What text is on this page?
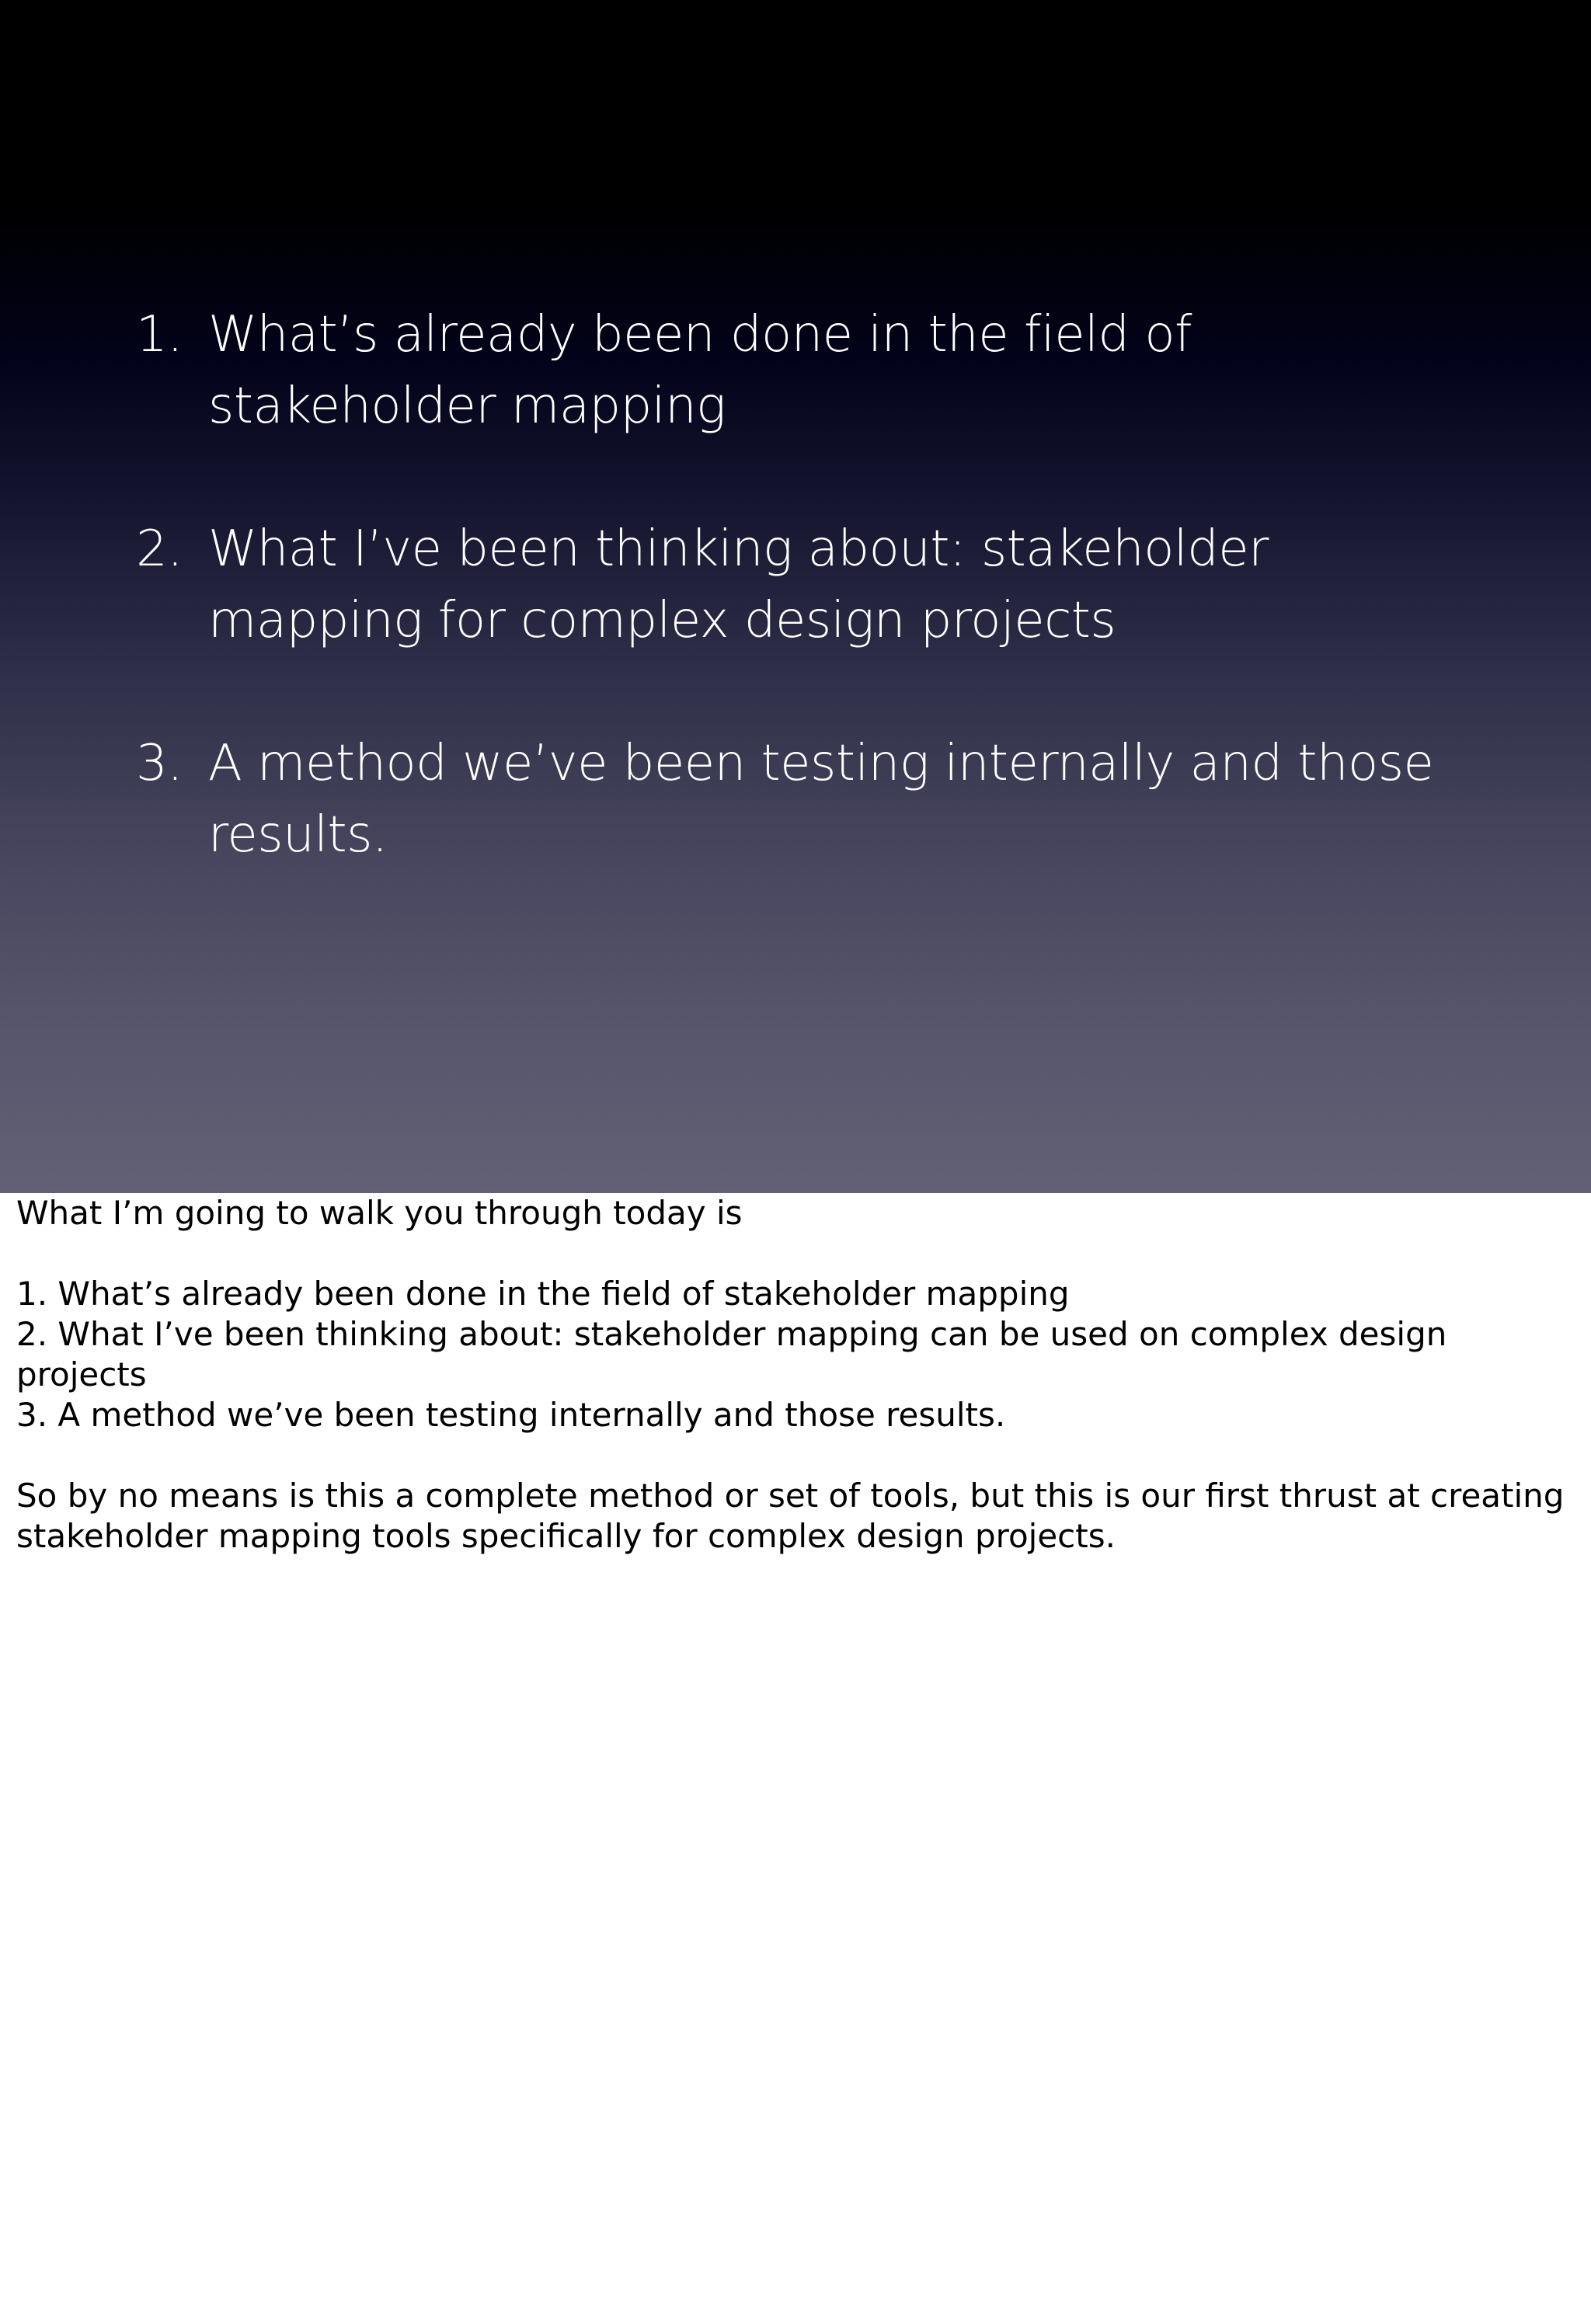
1. What’s already been done in the field of stakeholder mapping
2. What I’ve been thinking about: stakeholder mapping for complex design projects
3. A method we’ve been testing internally and those results.

What I’m going to walk you through today is

1. What’s already been done in the field of stakeholder mapping

2. What I’ve been thinking about: stakeholder mapping can be used on complex design projects

3. A method we’ve been testing internally and those results.

So by no means is this a complete method or set of tools, but this is our first thrust at creating stakeholder mapping tools specifically for complex design projects.
